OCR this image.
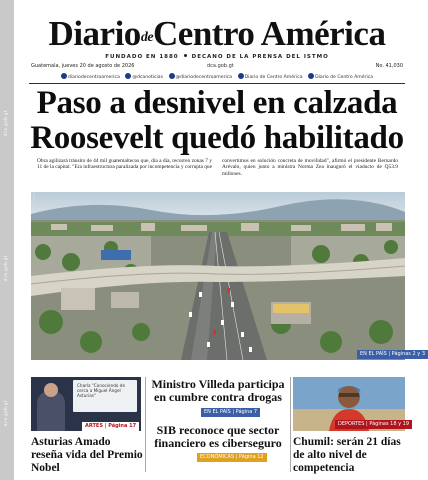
dca.gob.gt
dca.gob.gt
dca.gob.gt
DiariodeCentro América
FUNDADO EN 1880 DECANO DE LA PRENSA DEL ISTMO
Guatemala, jueves 20 de agosto de 2026	dca.gob.gt	No. 41,030
diariodecentroamerica	@dcanoticias	@diariodecentroamerica	Diario de Centro América	Diario de Centro América
Paso a desnivel en calzada
Roosevelt quedó habilitado

Obra agilizará tránsito de 44 mil guatemaltecos que, día a día, recorren zonas 7 y 11 de la capital. "Era infraestructura paralizada por incompetencia y corrupta que

convertimos en solución concreta de movilidad", afirmó el presidente Bernardo Arévalo, quien junto a ministra Norma Zea inauguró el viaducto de Q53.9 millones.

Foto: DCA
EN EL PAÍS | Páginas 2 y 3
Charla "Conociendo de cerca a Miguel Ángel Asturias"
ARTES | Página 17
Asturias Amado reseña vida del Premio Nobel
Ministro Villeda participa en cumbre contra drogas
EN EL PAÍS | Página 7
SIB reconoce que sector financiero es ciberseguro
ECONÓMICAS | Página 12
DEPORTES | Páginas 18 y 19
Chumil: serán 21 días de alto nivel de competencia
